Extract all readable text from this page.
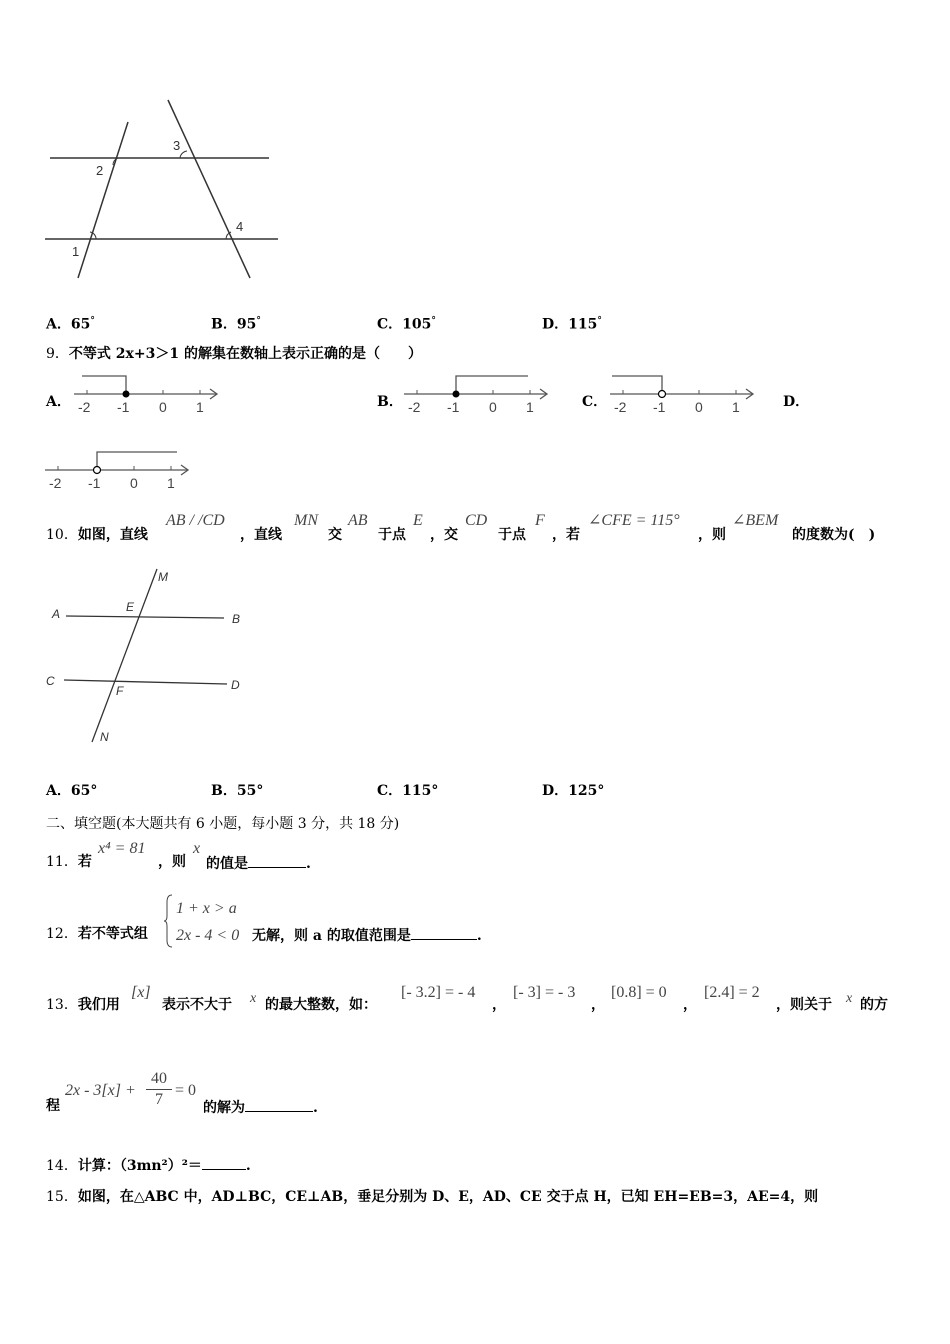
1
2
3
4
A．65°	B．95°	C．105°	D．115°
9．不等式 2x+3＞1 的解集在数轴上表示正确的是（　　）
A． -2 -1 0 1	B． -2 -1 0 1	C． -2 -1 0 1	D．
-2 -1 0 1
10．如图，直线
AB / /CD
，直线
MN
交
AB
于点
E
，交
CD
于点
F
，若
∠CFE = 115°
，则
∠BEM
的度数为(　)
A	B
C	D
E
F
M
N
A．65°	B．55°	C．115°	D．125°
二、填空题(本大题共有 6 小题，每小题 3 分，共 18 分)
11．若
x⁴ = 81
，则
x
的值是	.
12．若不等式组
1 + x > a
2x - 4 < 0 无解，则 a 的取值范围是	.
13．我们用
[x]
表示不大于 x 的最大整数，如：
[- 3.2] = - 4
，
[- 3] = - 3
，
[0.8] = 0
，
[2.4] = 2
，则关于 x 的方
程
2x - 3[x] +
40
7
= 0
的解为	.
14．计算：（3mn²）²＝	.
15．如图，在△ABC 中，AD⊥BC，CE⊥AB，垂足分别为 D、E，AD、CE 交于点 H，已知 EH=EB=3，AE=4，则
